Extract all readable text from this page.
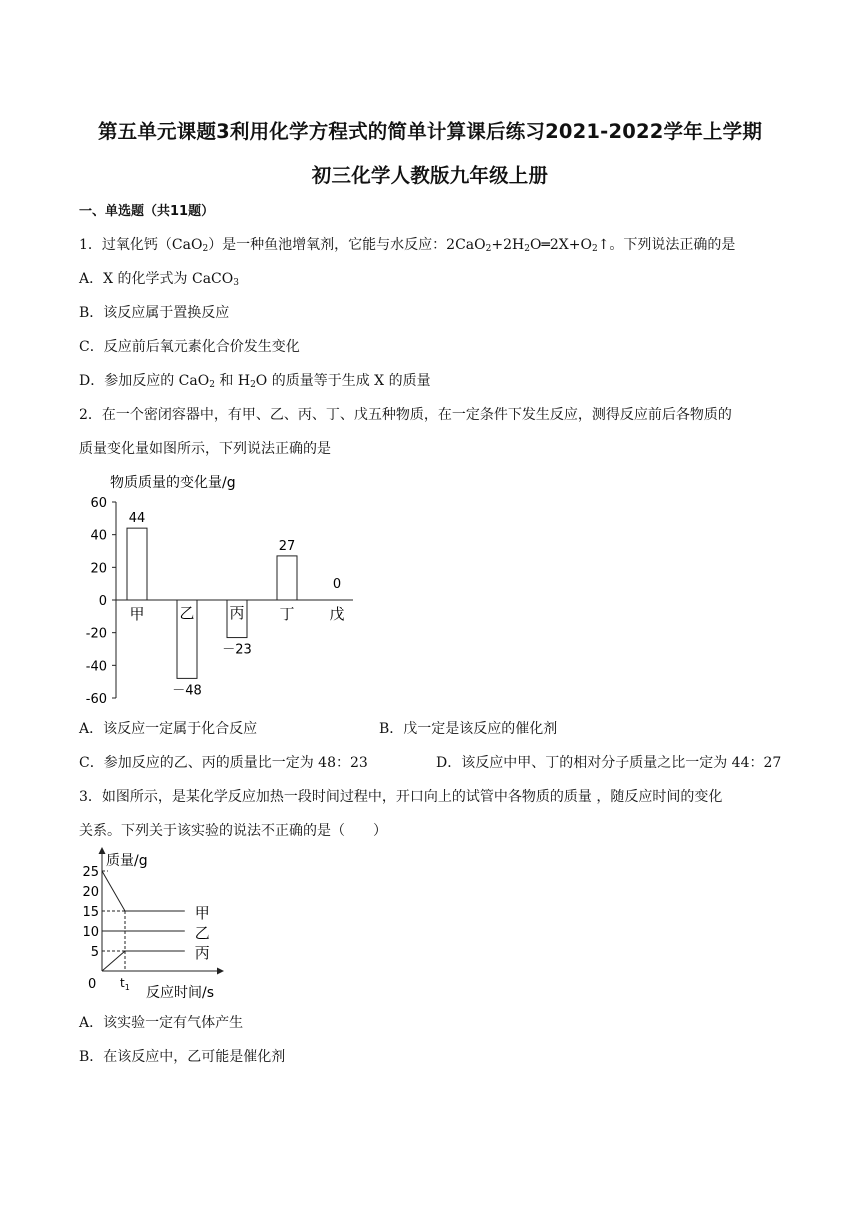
第五单元课题3利用化学方程式的简单计算课后练习2021-2022学年上学期
初三化学人教版九年级上册
一、单选题（共11题）
1．过氧化钙（CaO$_2$）是一种鱼池增氧剂，它能与水反应：$2CaO_2+2H_2O═2X+O_2↑$。下列说法正确的是
A．X 的化学式为 CaCO$_3$
B．该反应属于置换反应
C．反应前后氧元素化合价发生变化
D．参加反应的 CaO$_2$ 和 $H_2O$ 的质量等于生成 X 的质量
2．在一个密闭容器中，有甲、乙、丙、丁、戊五种物质，在一定条件下发生反应，测得反应前后各物质的
质量变化量如图所示，下列说法正确的是
物质质量的变化量/g
60
40
20
0
-20
-40
-60
44
甲
－48
乙
－23
丙
27
丁
0
戊
A．该反应一定属于化合反应	B．戊一定是该反应的催化剂
C．参加反应的乙、丙的质量比一定为 48：23	D．该反应中甲、丁的相对分子质量之比一定为 44：27
3．如图所示，是某化学反应加热一段时间过程中，开口向上的试管中各物质的质量 ，随反应时间的变化
关系。下列关于该实验的说法不正确的是（　　）
质量/g
反应时间/s
25
20
15
10
5
0 $t_1$
甲
乙
丙
A．该实验一定有气体产生
B．在该反应中，乙可能是催化剂
